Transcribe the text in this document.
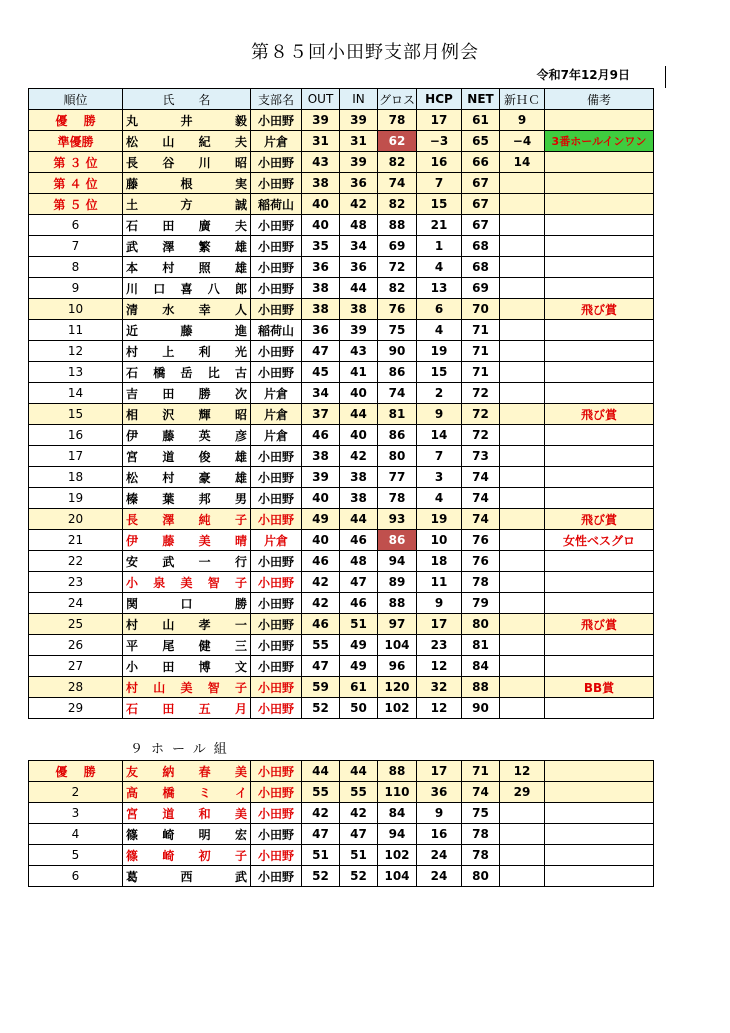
第８５回小田野支部月例会
令和7年12月9日
順位	氏　　名	支部名	OUT	IN	グロス	HCP	NET	新ＨＣ	備考
優　 勝	丸井毅	小田野	39	39	78	17	61	9	
準優勝	松山紀夫	片倉	31	31	62	−3	65	−4	3番ホールインワン
第 ３ 位	長谷川昭	小田野	43	39	82	16	66	14	
第 ４ 位	藤根実	小田野	38	36	74	7	67		
第 ５ 位	土方誠	稲荷山	40	42	82	15	67		
6	石田廣夫	小田野	40	48	88	21	67		
7	武澤繁雄	小田野	35	34	69	1	68		
8	本村照雄	小田野	36	36	72	4	68		
9	川口喜八郎	小田野	38	44	82	13	69		
10	清水幸人	小田野	38	38	76	6	70		飛び賞
11	近藤進	稲荷山	36	39	75	4	71		
12	村上利光	小田野	47	43	90	19	71		
13	石橋岳比古	小田野	45	41	86	15	71		
14	吉田勝次	片倉	34	40	74	2	72		
15	相沢輝昭	片倉	37	44	81	9	72		飛び賞
16	伊藤英彦	片倉	46	40	86	14	72		
17	宮道俊雄	小田野	38	42	80	7	73		
18	松村豪雄	小田野	39	38	77	3	74		
19	榛葉邦男	小田野	40	38	78	4	74		
20	長澤純子	小田野	49	44	93	19	74		飛び賞
21	伊藤美晴	片倉	40	46	86	10	76		女性ベスグロ
22	安武一行	小田野	46	48	94	18	76		
23	小泉美智子	小田野	42	47	89	11	78		
24	関口勝	小田野	42	46	88	9	79		
25	村山孝一	小田野	46	51	97	17	80		飛び賞
26	平尾健三	小田野	55	49	104	23	81		
27	小田博文	小田野	47	49	96	12	84		
28	村山美智子	小田野	59	61	120	32	88		BB賞
29	石田五月	小田野	52	50	102	12	90		
９ホール組
優　 勝	友納春美	小田野	44	44	88	17	71	12	
2	高橋ミイ	小田野	55	55	110	36	74	29	
3	宮道和美	小田野	42	42	84	9	75		
4	篠崎明宏	小田野	47	47	94	16	78		
5	篠崎初子	小田野	51	51	102	24	78		
6	葛西武	小田野	52	52	104	24	80		
